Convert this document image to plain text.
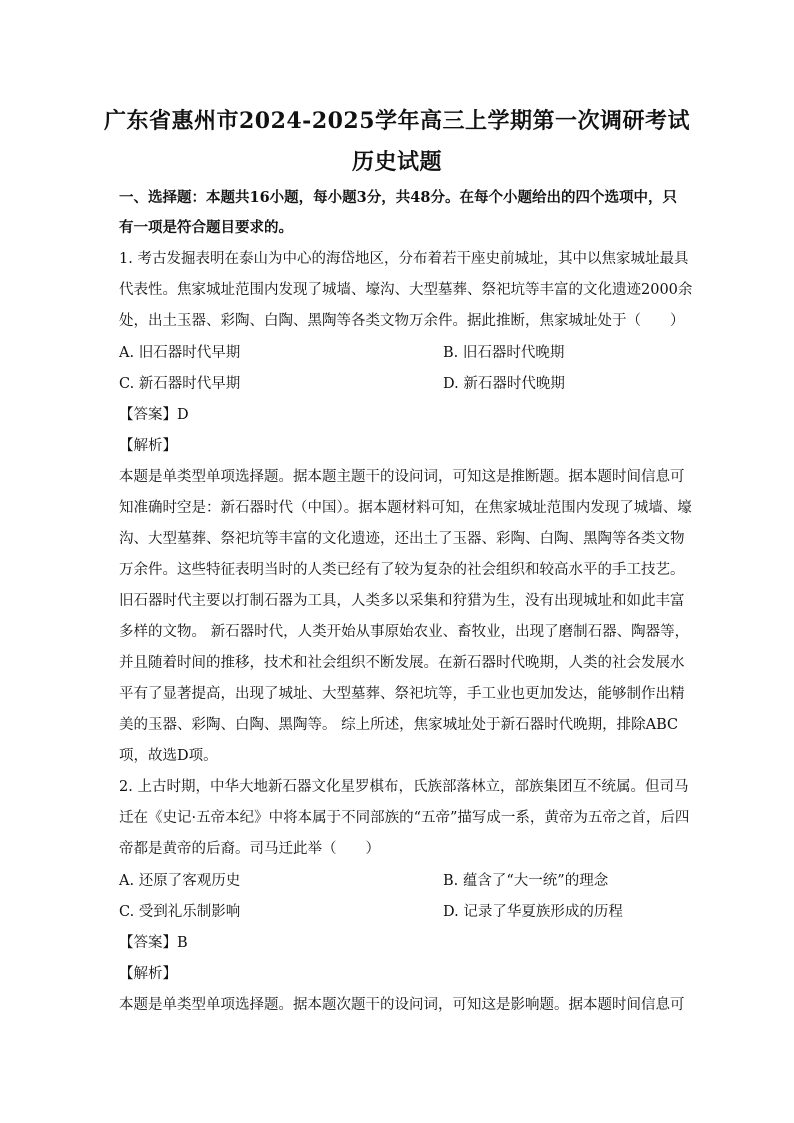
广东省惠州市2024-2025学年高三上学期第一次调研考试
历史试题
一、选择题：本题共16小题，每小题3分，共48分。在每个小题给出的四个选项中，只
有一项是符合题目要求的。
1. 考古发掘表明在泰山为中心的海岱地区，分布着若干座史前城址，其中以焦家城址最具
代表性。焦家城址范围内发现了城墙、壕沟、大型墓葬、祭祀坑等丰富的文化遗迹2000余
处，出土玉器、彩陶、白陶、黑陶等各类文物万余件。据此推断，焦家城址处于（　　）
A. 旧石器时代早期	B. 旧石器时代晚期
C. 新石器时代早期	D. 新石器时代晚期
【答案】D
【解析】
本题是单类型单项选择题。据本题主题干的设问词，可知这是推断题。据本题时间信息可
知准确时空是：新石器时代（中国）。据本题材料可知，在焦家城址范围内发现了城墙、壕
沟、大型墓葬、祭祀坑等丰富的文化遗迹，还出土了玉器、彩陶、白陶、黑陶等各类文物
万余件。这些特征表明当时的人类已经有了较为复杂的社会组织和较高水平的手工技艺。
旧石器时代主要以打制石器为工具，人类多以采集和狩猎为生，没有出现城址和如此丰富
多样的文物。 新石器时代，人类开始从事原始农业、畜牧业，出现了磨制石器、陶器等，
并且随着时间的推移，技术和社会组织不断发展。在新石器时代晚期，人类的社会发展水
平有了显著提高，出现了城址、大型墓葬、祭祀坑等，手工业也更加发达，能够制作出精
美的玉器、彩陶、白陶、黑陶等。 综上所述，焦家城址处于新石器时代晚期，排除ABC
项，故选D项。
2. 上古时期，中华大地新石器文化星罗棋布，氏族部落林立，部族集团互不统属。但司马
迁在《史记·五帝本纪》中将本属于不同部族的“五帝”描写成一系，黄帝为五帝之首，后四
帝都是黄帝的后裔。司马迁此举（　　）
A. 还原了客观历史	B. 蕴含了“大一统”的理念
C. 受到礼乐制影响	D. 记录了华夏族形成的历程
【答案】B
【解析】
本题是单类型单项选择题。据本题次题干的设问词，可知这是影响题。据本题时间信息可
